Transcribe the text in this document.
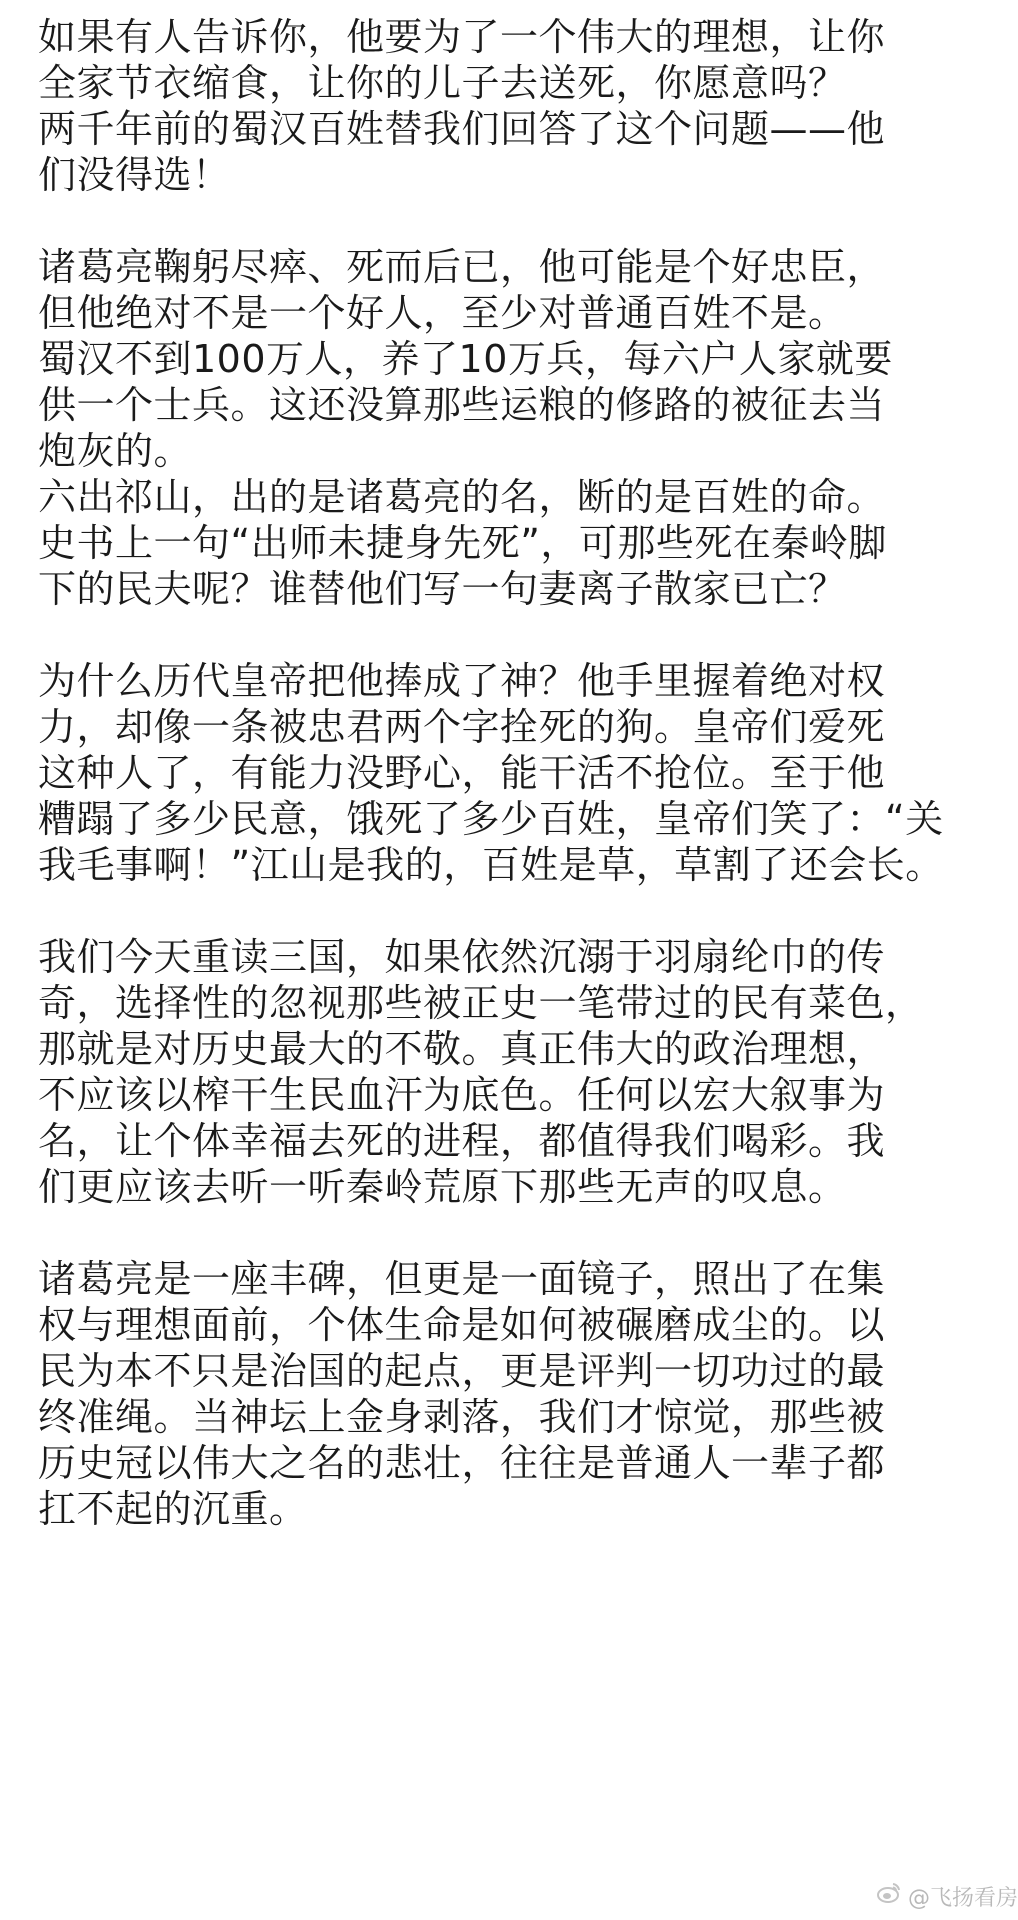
如果有人告诉你，他要为了一个伟大的理想，让你
全家节衣缩食，让你的儿子去送死，你愿意吗？
两千年前的蜀汉百姓替我们回答了这个问题——他
们没得选！
诸葛亮鞠躬尽瘁、死而后已，他可能是个好忠臣，
但他绝对不是一个好人，至少对普通百姓不是。
蜀汉不到100万人，养了10万兵，每六户人家就要
供一个士兵。这还没算那些运粮的修路的被征去当
炮灰的。
六出祁山，出的是诸葛亮的名，断的是百姓的命。
史书上一句“出师未捷身先死”，可那些死在秦岭脚
下的民夫呢？谁替他们写一句妻离子散家已亡？
为什么历代皇帝把他捧成了神？他手里握着绝对权
力，却像一条被忠君两个字拴死的狗。皇帝们爱死
这种人了，有能力没野心，能干活不抢位。至于他
糟蹋了多少民意，饿死了多少百姓，皇帝们笑了：“关
我毛事啊！”江山是我的，百姓是草，草割了还会长。
我们今天重读三国，如果依然沉溺于羽扇纶巾的传
奇，选择性的忽视那些被正史一笔带过的民有菜色，
那就是对历史最大的不敬。真正伟大的政治理想，
不应该以榨干生民血汗为底色。任何以宏大叙事为
名，让个体幸福去死的进程，都值得我们喝彩。我
们更应该去听一听秦岭荒原下那些无声的叹息。
诸葛亮是一座丰碑，但更是一面镜子，照出了在集
权与理想面前，个体生命是如何被碾磨成尘的。以
民为本不只是治国的起点，更是评判一切功过的最
终准绳。当神坛上金身剥落，我们才惊觉，那些被
历史冠以伟大之名的悲壮，往往是普通人一辈子都
扛不起的沉重。
@飞扬看房
